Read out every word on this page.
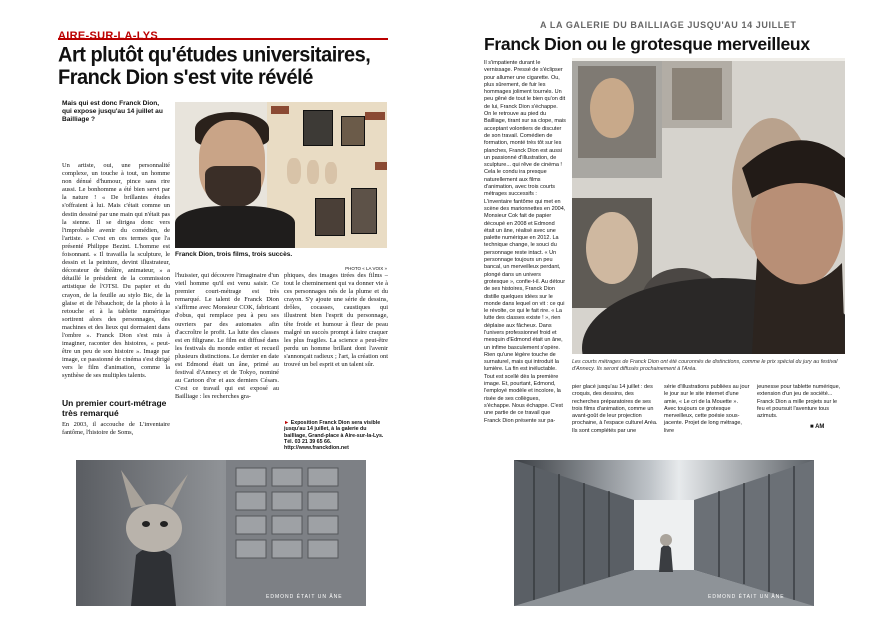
AIRE-SUR-LA-LYS
Art plutôt qu'études universitaires, Franck Dion s'est vite révélé
Mais qui est donc Franck Dion, qui expose jusqu'au 14 juillet au Bailliage ?
Un artiste, oui, une personnalité complexe, un touche à tout, un homme non dénué d'humour, pince sans rire aussi. Le bonhomme a été bien servi par la nature ! « De brillantes études s'offraient à lui. Mais c'était comme un destin dessiné par une main qui n'était pas la sienne. Il se dirigea donc vers l'improbable avenir du comédien, de l'artiste. » C'est en ces termes que l'a présenté Philippe Bezint. L'homme est foisonnant. « Il travailla la sculpture, le dessin et la peinture, devint illustrateur, décorateur de théâtre, animateur, » a détaillé le président de la commission artistique de l'OTSI. Du papier et du crayon, de la feuille au stylo Bic, de la glaise et de l'ébauchoir, de la photo à la retouche et à la tablette numérique sortirent alors des personnages, des machines et des lieux qui dormaient dans l'ombre ». Franck Dion s'est mis à imaginer, raconter des histoires, « peut-être un peu de son histoire ». Image par image, ce passionné de cinéma s'est dirigé vers le film d'animation, comme la synthèse de ses multiples talents.
Un premier court-métrage très remarqué
En 2003, il accouche de L'inventaire fantôme, l'histoire de Soms,
Franck Dion, trois films, trois succès.
PHOTO « LA VOIX »
l'huissier, qui découvre l'imaginaire d'un vieil homme qu'il est venu saisir. Ce premier court-métrage est très remarqué. Le talent de Franck Dion s'affirme avec Monsieur COK, fabricant d'obus, qui remplace peu à peu ses ouvriers par des automates afin d'accroître le profit. La lutte des classes est en filigrane. Le film est diffusé dans les festivals du monde entier et recueil plusieurs distinctions. Le dernier en date est Edmond était un âne, primé au festival d'Annecy et de Tokyo, nominé au Cartoon d'or et aux derniers Césars. C'est ce travail qui est exposé au Bailliage : les recherches gra-
phiques, des images tirées des films – tout le cheminement qui va donner vie à ces personnages nés de la plume et du crayon. S'y ajoute une série de dessins, drôles, cocasses, caustiques qui illustrent bien l'esprit du personnage, tête froide et humour à fleur de peau malgré un succès prompt à faire craquer les plus fragiles. La science a peut-être perdu un homme brillant dont l'avenir s'annonçait radieux ; l'art, la création ont trouvé un bel esprit et un talent sûr.
► Exposition Franck Dion sera visible jusqu'au 14 juillet, à la galerie du bailliage, Grand-place à Aire-sur-la-Lys. Tél. 03 21 39 65 66. http://www.franckdion.net
A LA GALERIE DU BAILLIAGE JUSQU'AU 14 JUILLET
Franck Dion ou le grotesque merveilleux
Il s'impatiente durant le vernissage. Pressé de s'éclipser pour allumer une cigarette. Ou, plus sûrement, de fuir les hommages joliment tournés. Un peu gêné de tout le bien qu'on dit de lui, Franck Dion s'échappe. On le retrouve au pied du Bailliage, tirant sur sa clope, mais acceptant volontiers de discuter de son travail. Comédien de formation, monté très tôt sur les planches, Franck Dion est aussi un passionné d'illustration, de sculpture... qui rêve de cinéma ! Cela le condu ira presque naturellement aux films d'animation, avec trois courts métrages successifs : L'inventaire fantôme qui met en scène des marionnettes en 2004, Monsieur Cok fait de papier découpé en 2008 et Edmond était un âne, réalisé avec une palette numérique en 2012. La technique change, le souci du personnage reste intact. « Un personnage toujours un peu bancal, un merveilleux perdant, plongé dans un univers grotesque », confie-t-il. Au détour de ses histoires, Franck Dion distille quelques idées sur le monde dans lequel on vit : ce qui le révolte, ce qui le fait rire. « La lutte des classes existe ! », rien déplaise aux fâcheux. Dans l'univers professionnel froid et mesquin d'Edmond était un âne, un infime basculement s'opère. Rien qu'une légère touche de surnaturel, mais qui introduit la lumière. La fin est inéluctable. Tout est scellé dès la première image. Et, pourtant, Edmond, l'employé modèle et incolore, la risée de ses collègues, s'échappe. Nous échappe. C'est une partie de ce travail que Franck Dion présente sur pa-
Les courts métrages de Franck Dion ont été couronnés de distinctions, comme le prix spécial du jury au festival d'Annecy. Ils seront diffusés prochainement à l'Aréa.
pier glacé jusqu'au 14 juillet : des croquis, des dessins, des recherches préparatoires de ses trois films d'animation, comme un avant-goût de leur projection prochaine, à l'espace culturel Aréa. Ils sont complétés par une
série d'illustrations publiées au jour le jour sur le site internet d'une amie, « Le cri de la Mouette ». Avec toujours ce grotesque merveilleux, cette poésie sous-jacente. Projet de long métrage, livre
jeunesse pour tablette numérique, extension d'un jeu de société... Franck Dion a mille projets sur le feu et poursuit l'aventure tous azimuts.
■ AM
EDMOND ÉTAIT UN ÂNE	EDMOND ÉTAIT UN ÂNE
